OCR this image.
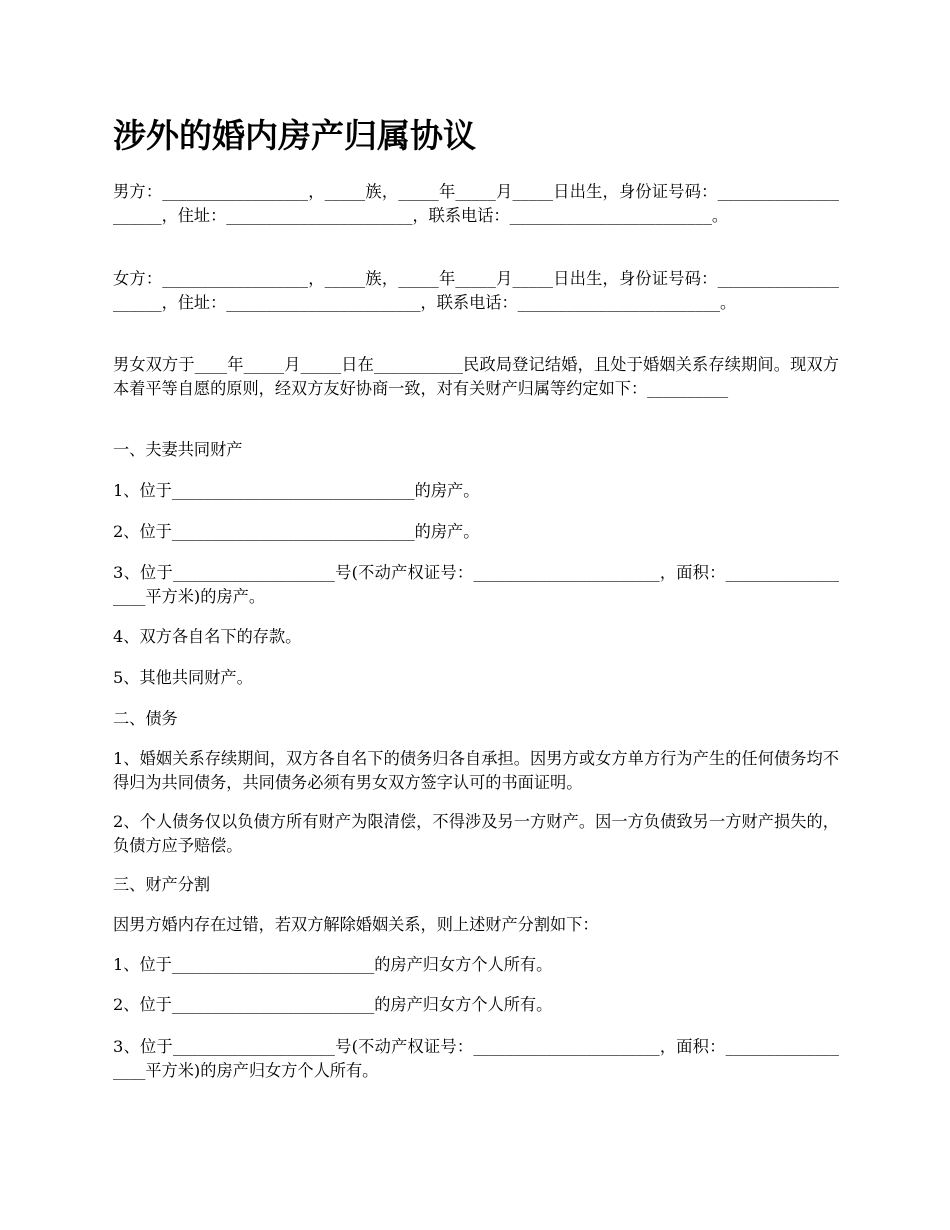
涉外的婚内房产归属协议

男方：__________________，_____族，_____年_____月_____日出生，身份证号码：_____________________，住址：_______________________，联系电话：_________________________。

女方：__________________，_____族，_____年_____月_____日出生，身份证号码：_____________________，住址：________________________，联系电话：_________________________。

男女双方于____年_____月_____日在___________民政局登记结婚，且处于婚姻关系存续期间。现双方本着平等自愿的原则，经双方友好协商一致，对有关财产归属等约定如下：__________

一、夫妻共同财产

1、位于______________________________的房产。

2、位于______________________________的房产。

3、位于____________________号(不动产权证号：_______________________，面积：__________________平方米)的房产。

4、双方各自名下的存款。

5、其他共同财产。

二、债务

1、婚姻关系存续期间，双方各自名下的债务归各自承担。因男方或女方单方行为产生的任何债务均不得归为共同债务，共同债务必须有男女双方签字认可的书面证明。

2、个人债务仅以负债方所有财产为限清偿，不得涉及另一方财产。因一方负债致另一方财产损失的，负债方应予赔偿。

三、财产分割

因男方婚内存在过错，若双方解除婚姻关系，则上述财产分割如下：

1、位于_________________________的房产归女方个人所有。

2、位于_________________________的房产归女方个人所有。

3、位于____________________号(不动产权证号：_______________________，面积：__________________平方米)的房产归女方个人所有。
